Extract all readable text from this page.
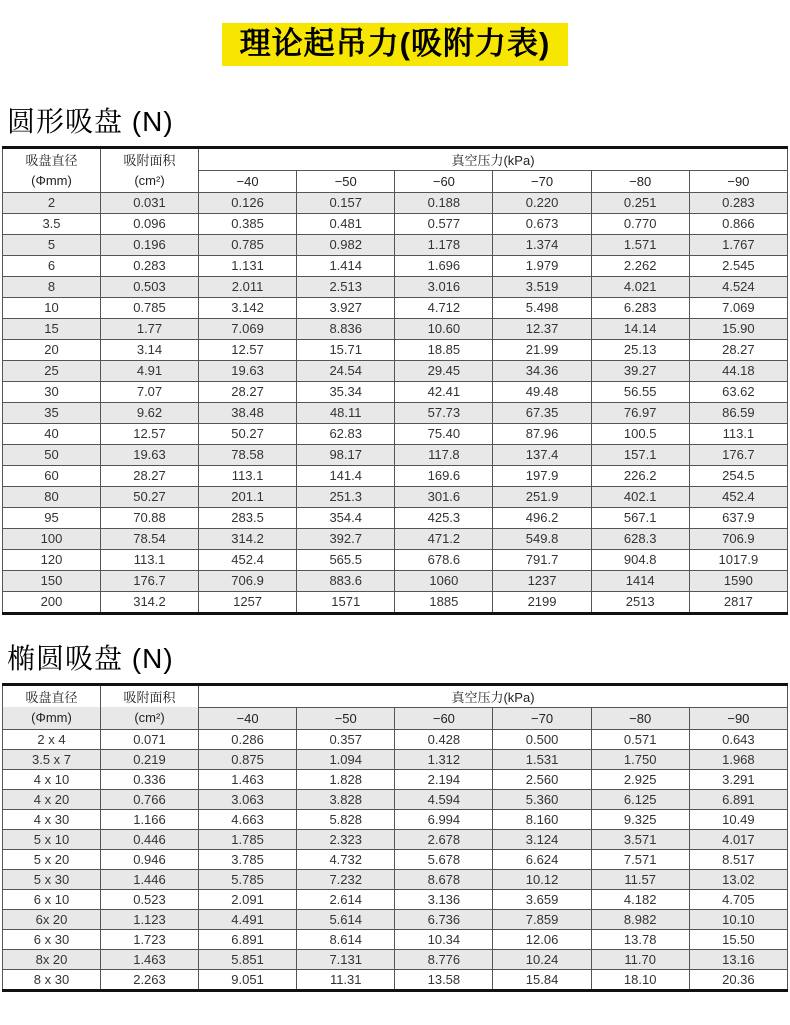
理论起吊力(吸附力表)
圆形吸盘 (N)
吸盘直径	吸附面积	真空压力(kPa)					
(Φmm)	(cm²)	−40	−50	−60	−70	−80	−90
2	0.031	0.126	0.157	0.188	0.220	0.251	0.283
3.5	0.096	0.385	0.481	0.577	0.673	0.770	0.866
5	0.196	0.785	0.982	1.178	1.374	1.571	1.767
6	0.283	1.131	1.414	1.696	1.979	2.262	2.545
8	0.503	2.011	2.513	3.016	3.519	4.021	4.524
10	0.785	3.142	3.927	4.712	5.498	6.283	7.069
15	1.77	7.069	8.836	10.60	12.37	14.14	15.90
20	3.14	12.57	15.71	18.85	21.99	25.13	28.27
25	4.91	19.63	24.54	29.45	34.36	39.27	44.18
30	7.07	28.27	35.34	42.41	49.48	56.55	63.62
35	9.62	38.48	48.11	57.73	67.35	76.97	86.59
40	12.57	50.27	62.83	75.40	87.96	100.5	113.1
50	19.63	78.58	98.17	117.8	137.4	157.1	176.7
60	28.27	113.1	141.4	169.6	197.9	226.2	254.5
80	50.27	201.1	251.3	301.6	251.9	402.1	452.4
95	70.88	283.5	354.4	425.3	496.2	567.1	637.9
100	78.54	314.2	392.7	471.2	549.8	628.3	706.9
120	113.1	452.4	565.5	678.6	791.7	904.8	1017.9
150	176.7	706.9	883.6	1060	1237	1414	1590
200	314.2	1257	1571	1885	2199	2513	2817
椭圆吸盘 (N)
吸盘直径	吸附面积	真空压力(kPa)					
(Φmm)	(cm²)	−40	−50	−60	−70	−80	−90
2 x 4	0.071	0.286	0.357	0.428	0.500	0.571	0.643
3.5 x 7	0.219	0.875	1.094	1.312	1.531	1.750	1.968
4 x 10	0.336	1.463	1.828	2.194	2.560	2.925	3.291
4 x 20	0.766	3.063	3.828	4.594	5.360	6.125	6.891
4 x 30	1.166	4.663	5.828	6.994	8.160	9.325	10.49
5 x 10	0.446	1.785	2.323	2.678	3.124	3.571	4.017
5 x 20	0.946	3.785	4.732	5.678	6.624	7.571	8.517
5 x 30	1.446	5.785	7.232	8.678	10.12	11.57	13.02
6 x 10	0.523	2.091	2.614	3.136	3.659	4.182	4.705
6x 20	1.123	4.491	5.614	6.736	7.859	8.982	10.10
6 x 30	1.723	6.891	8.614	10.34	12.06	13.78	15.50
8x 20	1.463	5.851	7.131	8.776	10.24	11.70	13.16
8 x 30	2.263	9.051	11.31	13.58	15.84	18.10	20.36
